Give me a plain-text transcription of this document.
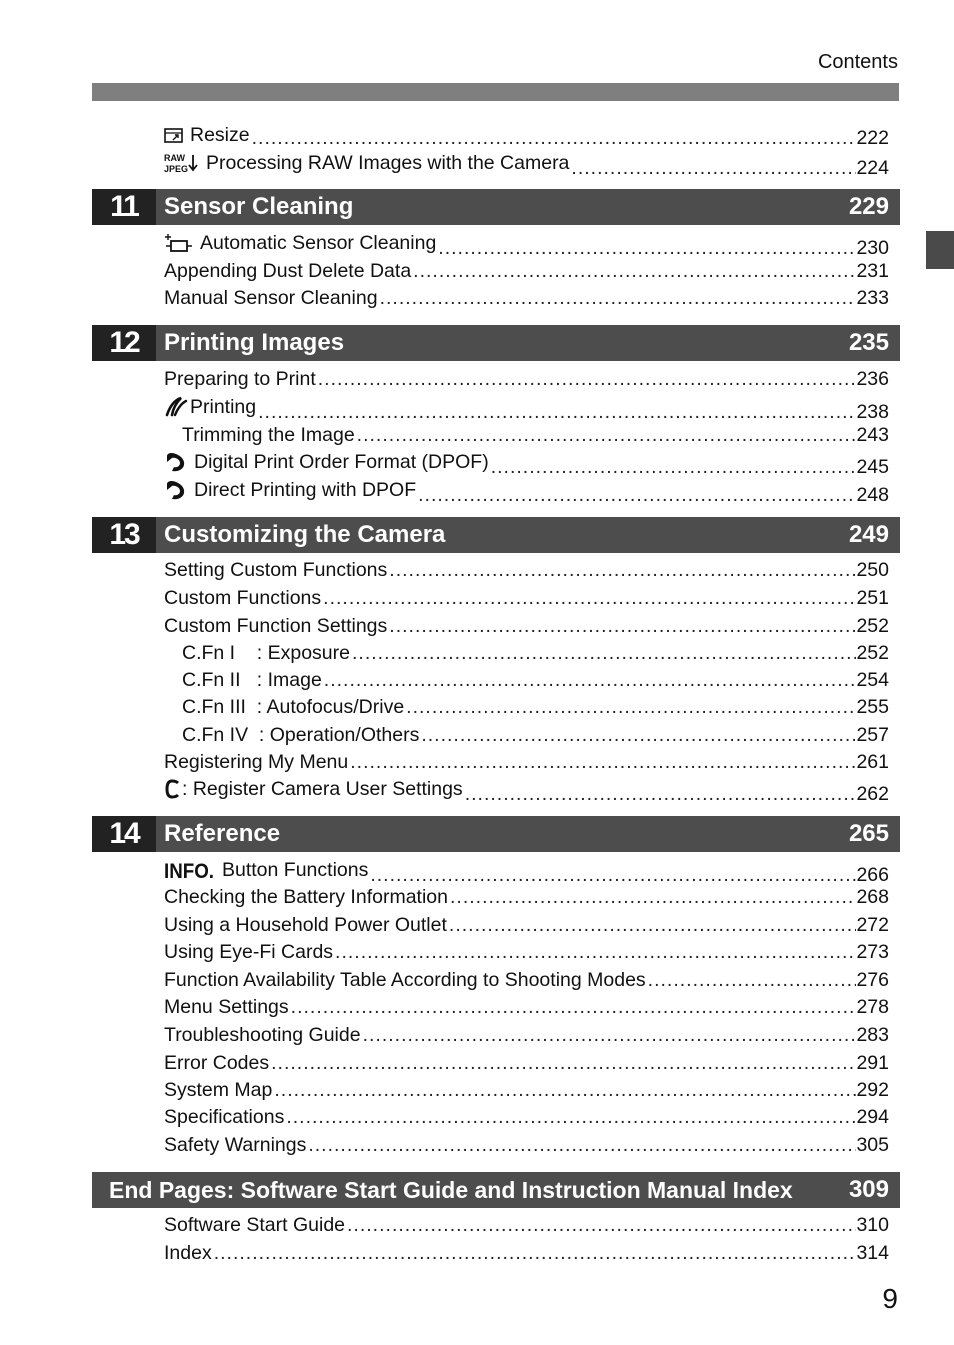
Contents
Resize .....	222
RAW
JPEG Processing RAW Images with the Camera .....	224
11	Sensor Cleaning	229
Automatic Sensor Cleaning .....	230
Appending Dust Delete Data .....	231
Manual Sensor Cleaning .....	233
12	Printing Images	235
Preparing to Print .....	236
Printing .....	238
Trimming the Image .....	243
Digital Print Order Format (DPOF) .....	245
Direct Printing with DPOF .....	248
13	Customizing the Camera	249
Setting Custom Functions .....	250
Custom Functions .....	251
Custom Function Settings .....	252
C.Fn I    : Exposure .....	252
C.Fn II   : Image .....	254
C.Fn III  : Autofocus/Drive .....	255
C.Fn IV  : Operation/Others .....	257
Registering My Menu .....	261
: Register Camera User Settings .....	262
14	Reference	265
INFO. Button Functions .....	266
Checking the Battery Information .....	268
Using a Household Power Outlet .....	272
Using Eye-Fi Cards .....	273
Function Availability Table According to Shooting Modes .....	276
Menu Settings .....	278
Troubleshooting Guide .....	283
Error Codes .....	291
System Map .....	292
Specifications .....	294
Safety Warnings .....	305
End Pages: Software Start Guide and Instruction Manual Index	309
Software Start Guide .....	310
Index .....	314
9
